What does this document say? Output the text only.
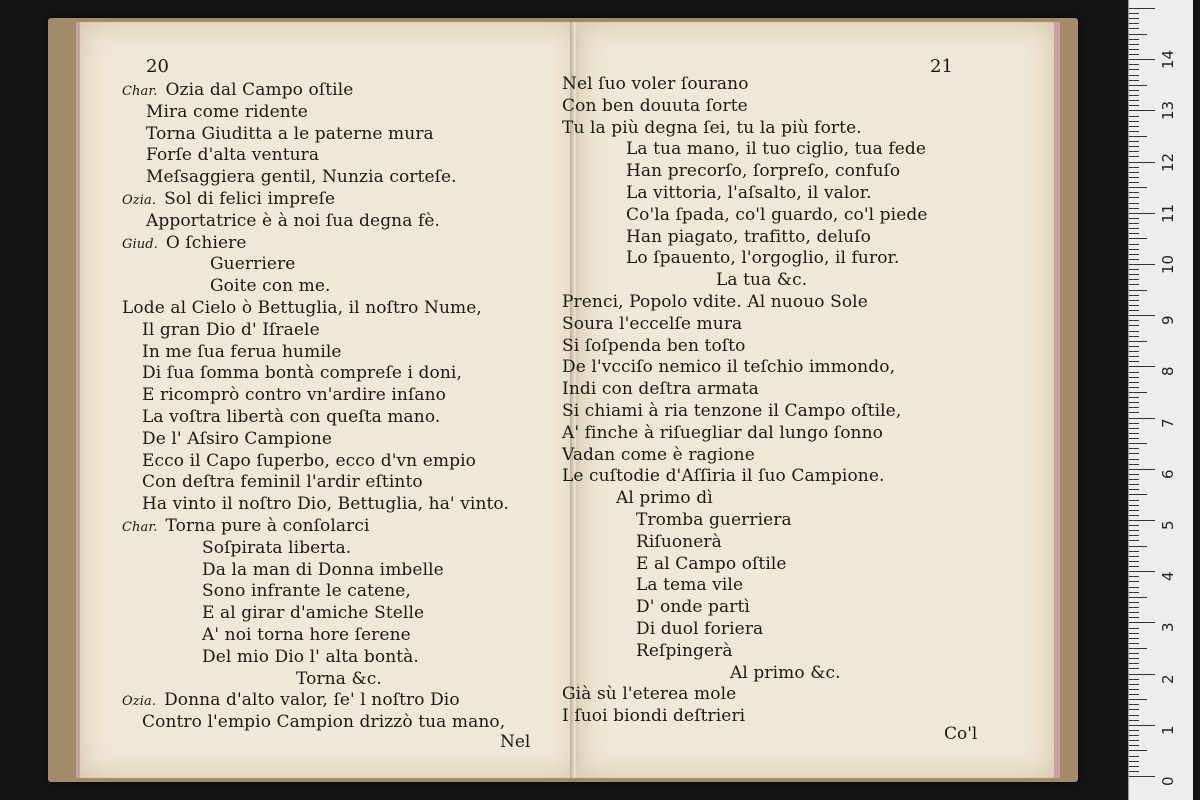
20	21
Char. Ozia dal Campo oſtile
Mira come ridente
Torna Giuditta a le paterne mura
Forſe d'alta ventura
Meſsaggiera gentil, Nunzia corteſe.
Ozia. Sol di felici impreſe
Apportatrice è à noi ſua degna fè.
Giud. O ſchiere
Guerriere
Goite con me.
Lode al Cielo ò Bettuglia, il noſtro Nume,
Il gran Dio d' Iſraele
In me ſua ferua humile
Di ſua ſomma bontà compreſe i doni,
E ricomprò contro vn'ardire inſano
La voſtra libertà con queſta mano.
De l' Aſsiro Campione
Ecco il Capo ſuperbo, ecco d'vn empio
Con deſtra feminil l'ardir eſtinto
Ha vinto il noſtro Dio, Bettuglia, ha' vinto.
Char. Torna pure à conſolarci
Soſpirata liberta.
Da la man di Donna imbelle
Sono infrante le catene,
E al girar d'amiche Stelle
A' noi torna hore ſerene
Del mio Dio l' alta bontà.
Torna &c.
Ozia. Donna d'alto valor, ſe' l noſtro Dio
Contro l'empio Campion drizzò tua mano,
Nel ſuo voler ſourano
Con ben douuta ſorte
Tu la più degna ſei, tu la più forte.
La tua mano, il tuo ciglio, tua fede
Han precorſo, ſorpreſo, confuſo
La vittoria, l'aſsalto, il valor.
Co'la ſpada, co'l guardo, co'l piede
Han piagato, trafitto, deluſo
Lo ſpauento, l'orgoglio, il furor.
La tua &c.
Prenci, Popolo vdite. Al nuouo Sole
Soura l'eccelſe mura
Si ſoſpenda ben toſto
De l'vcciſo nemico il teſchio immondo,
Indi con deſtra armata
Si chiami à ria tenzone il Campo oſtile,
A' finche à riſuegliar dal lungo ſonno
Vadan come è ragione
Le cuſtodie d'Aſſiria il ſuo Campione.
Al primo dì
Tromba guerriera
Riſuonerà
E al Campo oſtile
La tema vile
D' onde partì
Di duol foriera
Reſpingerà
Al primo &c.
Già sù l'eterea mole
I ſuoi biondi deſtrieri
Nel	Co'l
0
1
2
3
4
5
6
7
8
9
10
11
12
13
14
